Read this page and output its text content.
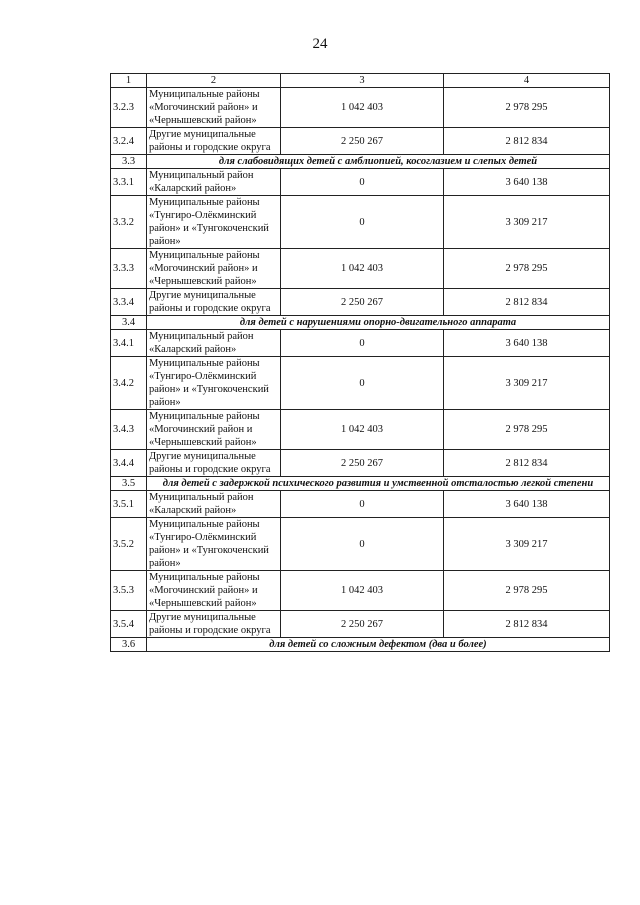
24
1	2	3	4
3.2.3	Муниципальные районы «Могочинский район» и «Чернышевский район»	1 042 403	2 978 295
3.2.4	Другие муниципальные районы и городские округа	2 250 267	2 812 834
3.3	для слабовидящих детей с амблиопией, косоглазием и слепых детей		
3.3.1	Муниципальный район «Каларский район»	0	3 640 138
3.3.2	Муниципальные районы «Тунгиро-Олёкминский район» и «Тунгокоченский район»	0	3 309 217
3.3.3	Муниципальные районы «Могочинский район» и «Чернышевский район»	1 042 403	2 978 295
3.3.4	Другие муниципальные районы и городские округа	2 250 267	2 812 834
3.4	для детей с нарушениями опорно-двигательного аппарата		
3.4.1	Муниципальный район «Каларский район»	0	3 640 138
3.4.2	Муниципальные районы «Тунгиро-Олёкминский район» и «Тунгокоченский район»	0	3 309 217
3.4.3	Муниципальные районы «Могочинский район и «Чернышевский район»	1 042 403	2 978 295
3.4.4	Другие муниципальные районы и городские округа	2 250 267	2 812 834
3.5	для детей с задержкой психического развития и умственной отсталостью легкой степени		
3.5.1	Муниципальный район «Каларский район»	0	3 640 138
3.5.2	Муниципальные районы «Тунгиро-Олёкминский район» и «Тунгокоченский район»	0	3 309 217
3.5.3	Муниципальные районы «Могочинский район» и «Чернышевский район»	1 042 403	2 978 295
3.5.4	Другие муниципальные районы и городские округа	2 250 267	2 812 834
3.6	для детей со сложным дефектом (два и более)		
